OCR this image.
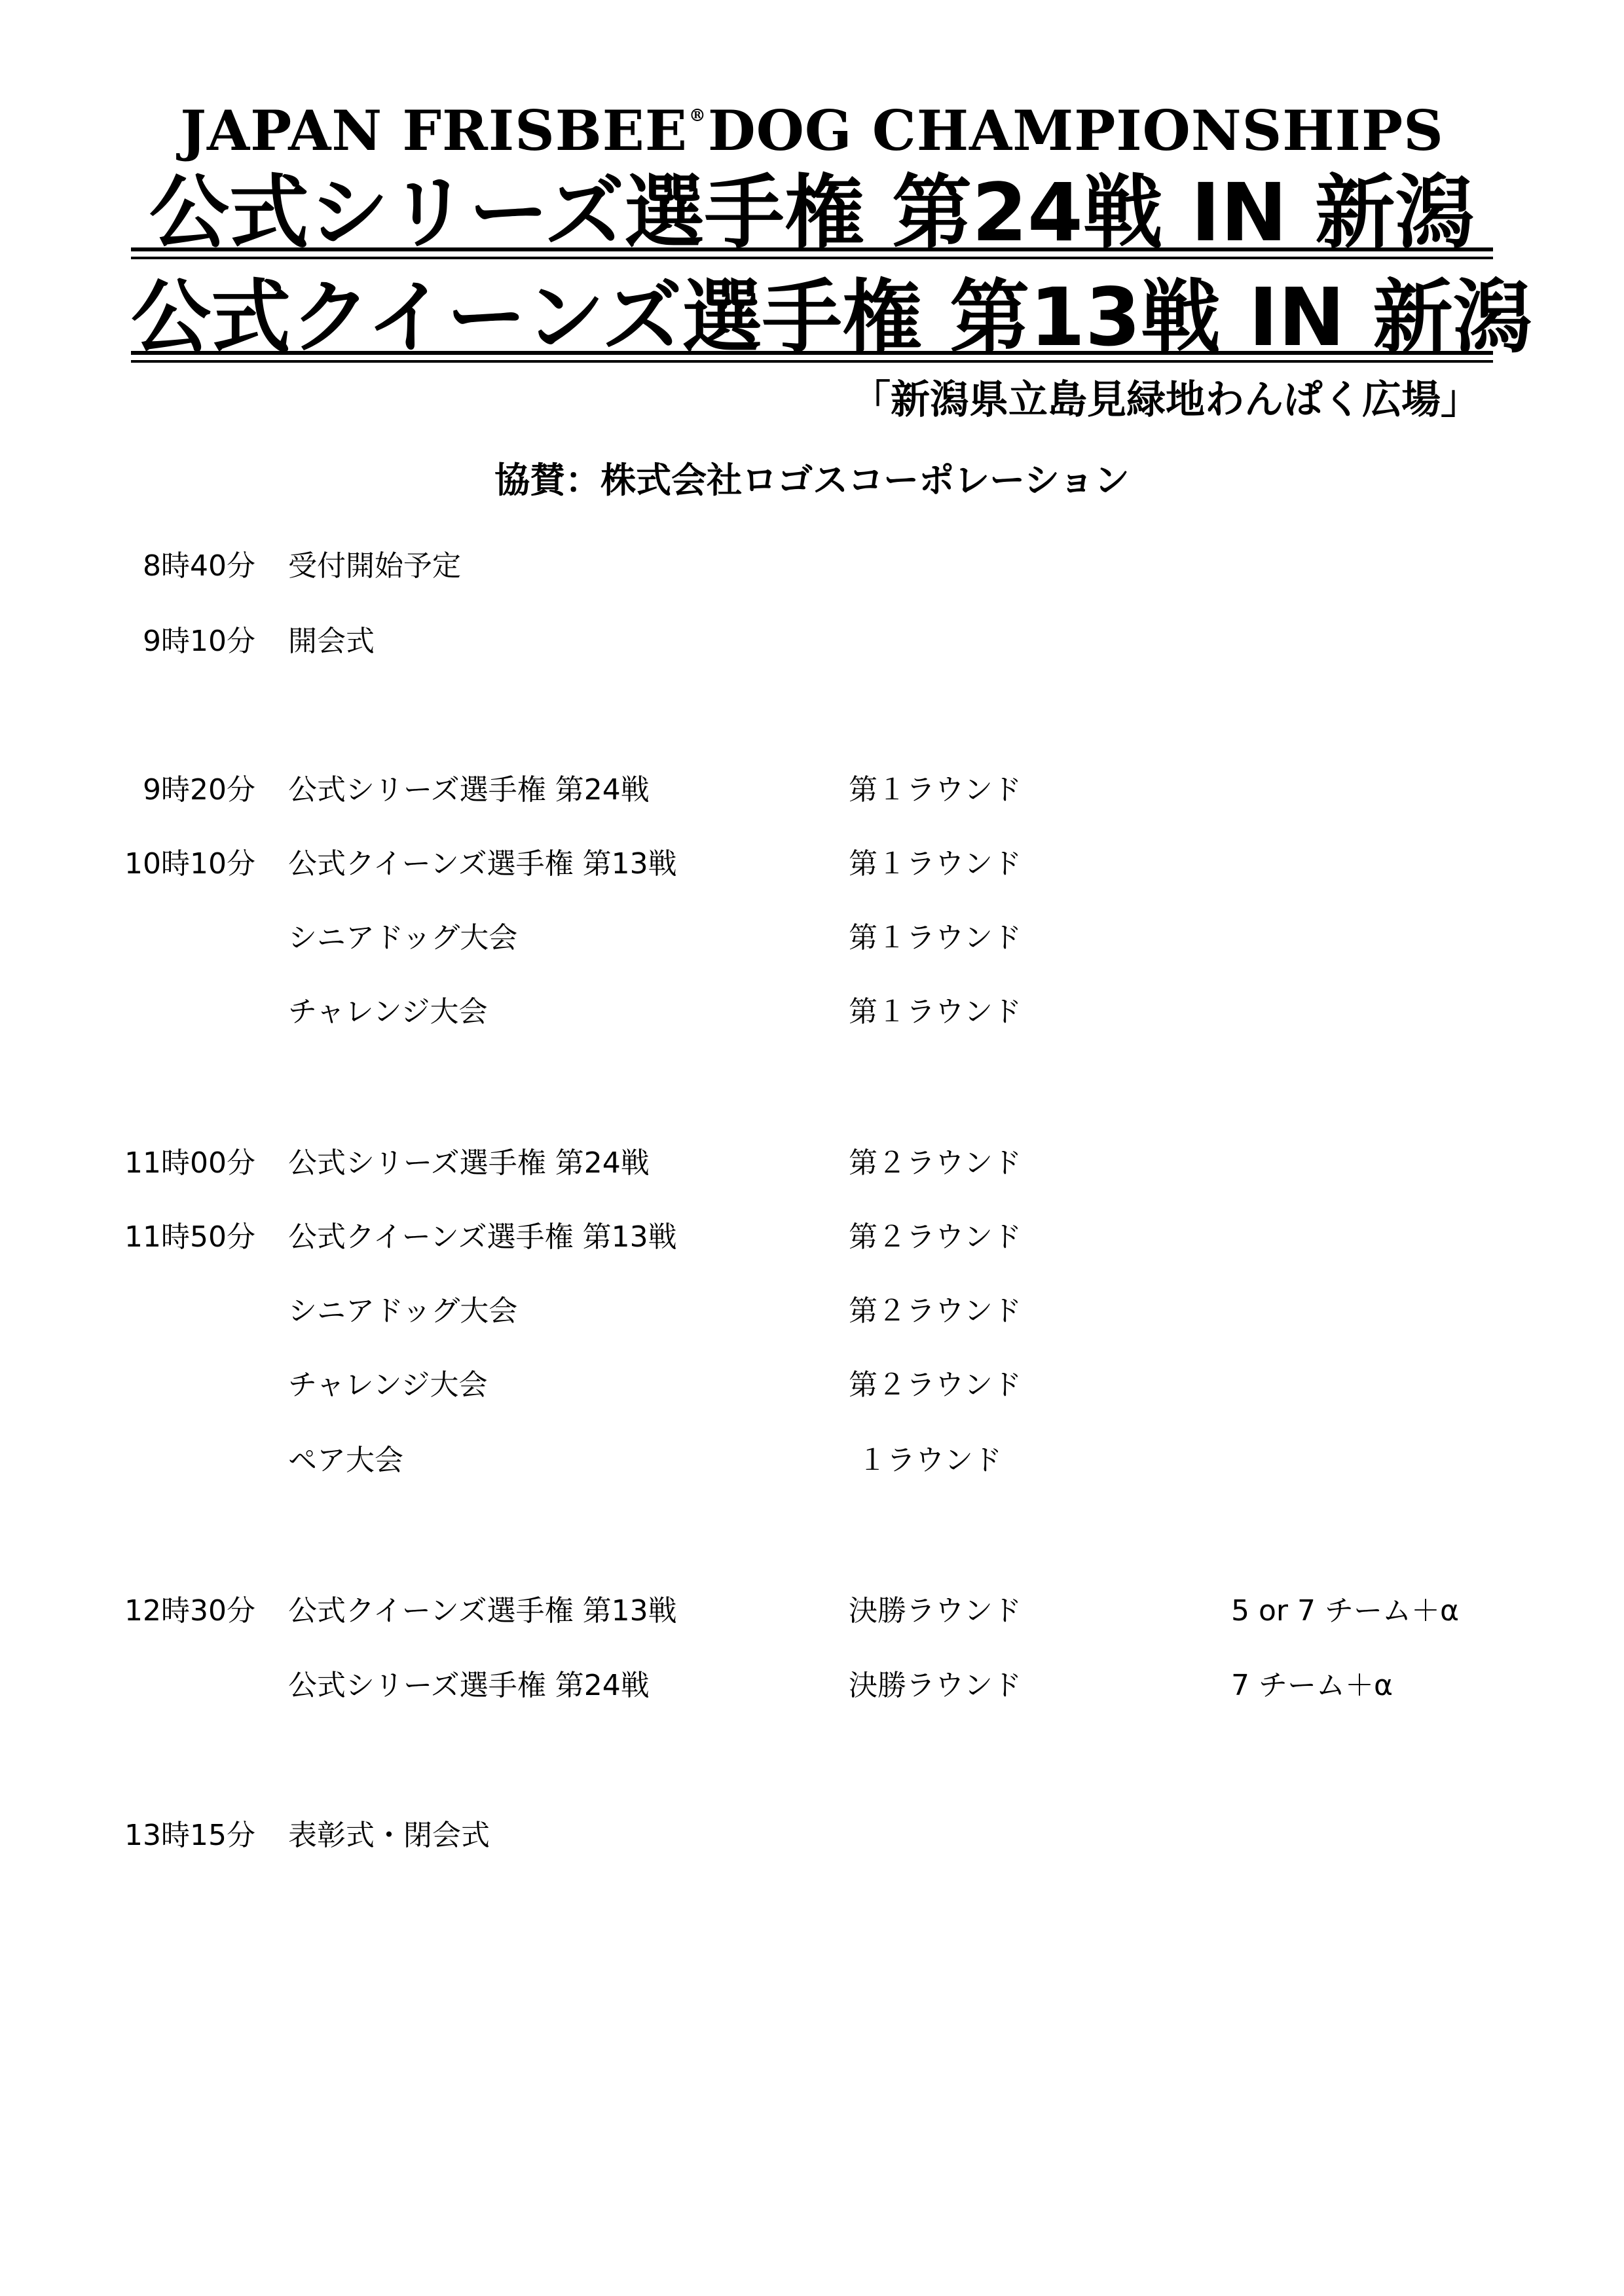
JAPAN FRISBEE®DOG CHAMPIONSHIPS
公式シリーズ選手権 第24戦 IN 新潟
公式クイーンズ選手権 第13戦 IN 新潟
「新潟県立島見緑地わんぱく広場」
協賛：株式会社ロゴスコーポレーション
8時40分 受付開始予定
9時10分 開会式
9時20分 公式シリーズ選手権 第24戦	第１ラウンド
10時10分 公式クイーンズ選手権 第13戦	第１ラウンド
シニアドッグ大会	第１ラウンド
チャレンジ大会	第１ラウンド
11時00分 公式シリーズ選手権 第24戦	第２ラウンド
11時50分 公式クイーンズ選手権 第13戦	第２ラウンド
シニアドッグ大会	第２ラウンド
チャレンジ大会	第２ラウンド
ペア大会	１ラウンド
12時30分 公式クイーンズ選手権 第13戦	決勝ラウンド	5 or 7 チーム＋α
公式シリーズ選手権 第24戦	決勝ラウンド	7 チーム＋α
13時15分 表彰式・閉会式
